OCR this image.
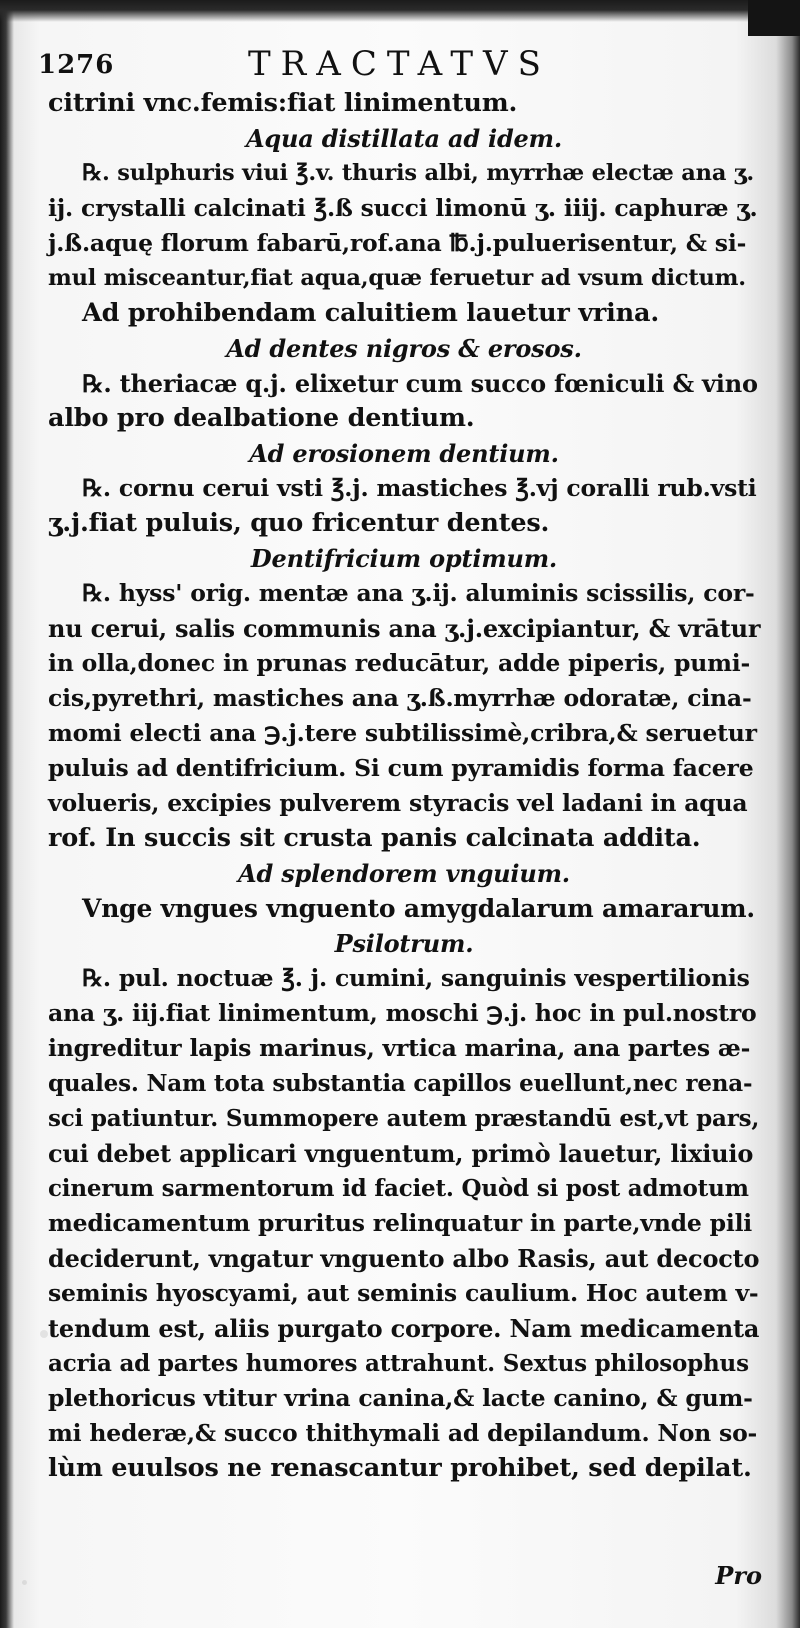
1276	TRACTATVS
citrini vnc.femis:fiat linimentum.
Aqua distillata ad idem.
℞. sulphuris viui ℥.v. thuris albi, myrrhæ electæ ana ʒ.
ij. crystalli calcinati ℥.ß succi limonū ʒ. iiij. caphuræ ʒ.
j.ß.aquę florum fabarū,rof.ana ℔.j.puluerisentur, & si-
mul misceantur,fiat aqua,quæ feruetur ad vsum dictum.
Ad prohibendam caluitiem lauetur vrina.
Ad dentes nigros & erosos.
℞. theriacæ q.j. elixetur cum succo fœniculi & vino
albo pro dealbatione dentium.
Ad erosionem dentium.
℞. cornu cerui vsti ℥.j. mastiches ℥.vj coralli rub.vsti
ʒ.j.fiat puluis, quo fricentur dentes.
Dentifricium optimum.
℞. hyss' orig. mentæ ana ʒ.ij. aluminis scissilis, cor-
nu cerui, salis communis ana ʒ.j.excipiantur, & vrātur
in olla,donec in prunas reducātur, adde piperis, pumi-
cis,pyrethri, mastiches ana ʒ.ß.myrrhæ odoratæ, cina-
momi electi ana ℈.j.tere subtilissimè,cribra,& seruetur
puluis ad dentifricium. Si cum pyramidis forma facere
volueris, excipies pulverem styracis vel ladani in aqua
rof. In succis sit crusta panis calcinata addita.
Ad splendorem vnguium.
Vnge vngues vnguento amygdalarum amararum.
Psilotrum.
℞. pul. noctuæ ℥. j. cumini, sanguinis vespertilionis
ana ʒ. iij.fiat linimentum, moschi ℈.j. hoc in pul.nostro
ingreditur lapis marinus, vrtica marina, ana partes æ-
quales. Nam tota substantia capillos euellunt,nec rena-
sci patiuntur. Summopere autem præstandū est,vt pars,
cui debet applicari vnguentum, primò lauetur, lixiuio
cinerum sarmentorum id faciet. Quòd si post admotum
medicamentum pruritus relinquatur in parte,vnde pili
deciderunt, vngatur vnguento albo Rasis, aut decocto
seminis hyoscyami, aut seminis caulium. Hoc autem v-
tendum est, aliis purgato corpore. Nam medicamenta
acria ad partes humores attrahunt. Sextus philosophus
plethoricus vtitur vrina canina,& lacte canino, & gum-
mi hederæ,& succo thithymali ad depilandum. Non so-
lùm euulsos ne renascantur prohibet, sed depilat.
Pro
